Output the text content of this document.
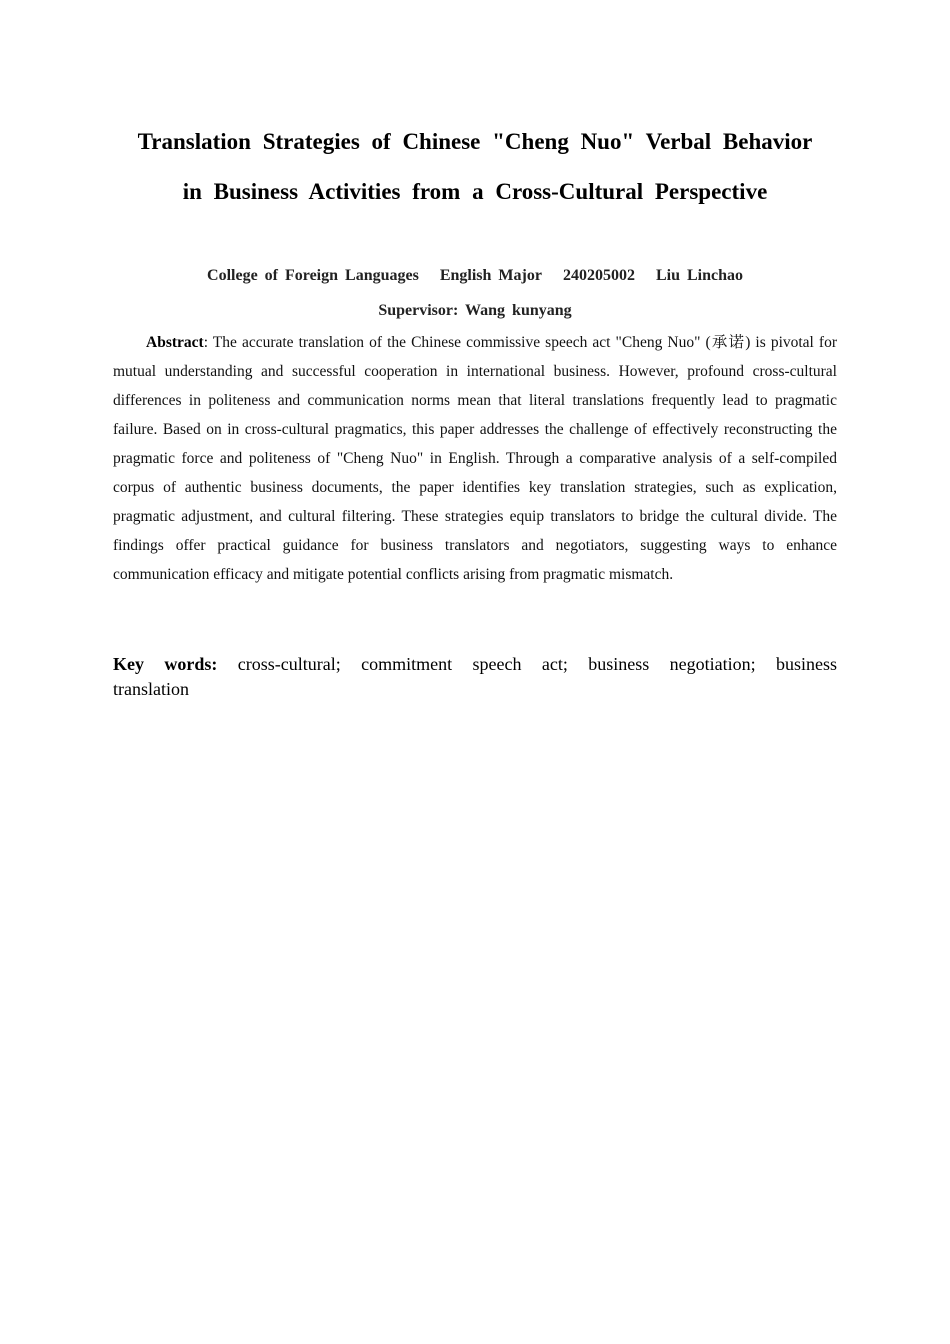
Translation Strategies of Chinese "Cheng Nuo" Verbal Behavior
in Business Activities from a Cross-Cultural Perspective
College of Foreign Languages English Major 240205002 Liu Linchao
Supervisor: Wang kunyang

Abstract: The accurate translation of the Chinese commissive speech act "Cheng Nuo" (承诺) is pivotal for mutual understanding and successful cooperation in international business. However, profound cross-cultural differences in politeness and communication norms mean that literal translations frequently lead to pragmatic failure. Based on in cross-cultural pragmatics, this paper addresses the challenge of effectively reconstructing the pragmatic force and politeness of "Cheng Nuo" in English. Through a comparative analysis of a self-compiled corpus of authentic business documents, the paper identifies key translation strategies, such as explication, pragmatic adjustment, and cultural filtering. These strategies equip translators to bridge the cultural divide. The findings offer practical guidance for business translators and negotiators, suggesting ways to enhance communication efficacy and mitigate potential conflicts arising from pragmatic mismatch.

Key words: cross-cultural; commitment speech act; business negotiation; business translation
